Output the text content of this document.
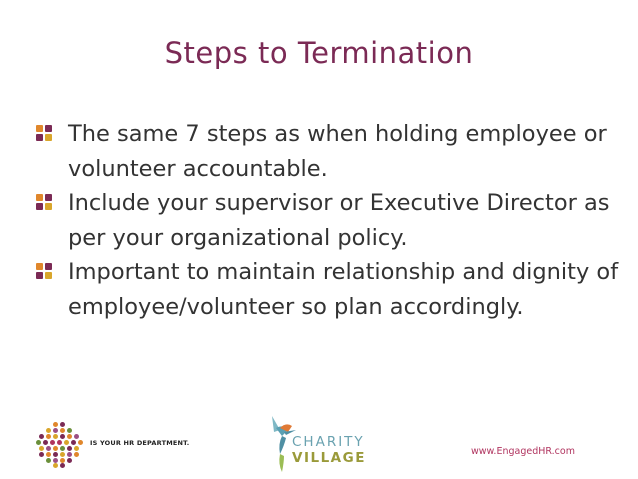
Steps to Termination
The same 7 steps as when holding employee or volunteer accountable.
Include your supervisor or Executive Director as per your organizational policy.
Important to maintain relationship and dignity of employee/volunteer so plan accordingly.
IS YOUR HR DEPARTMENT.	CHARITY
VILLAGE	www.EngagedHR.com
